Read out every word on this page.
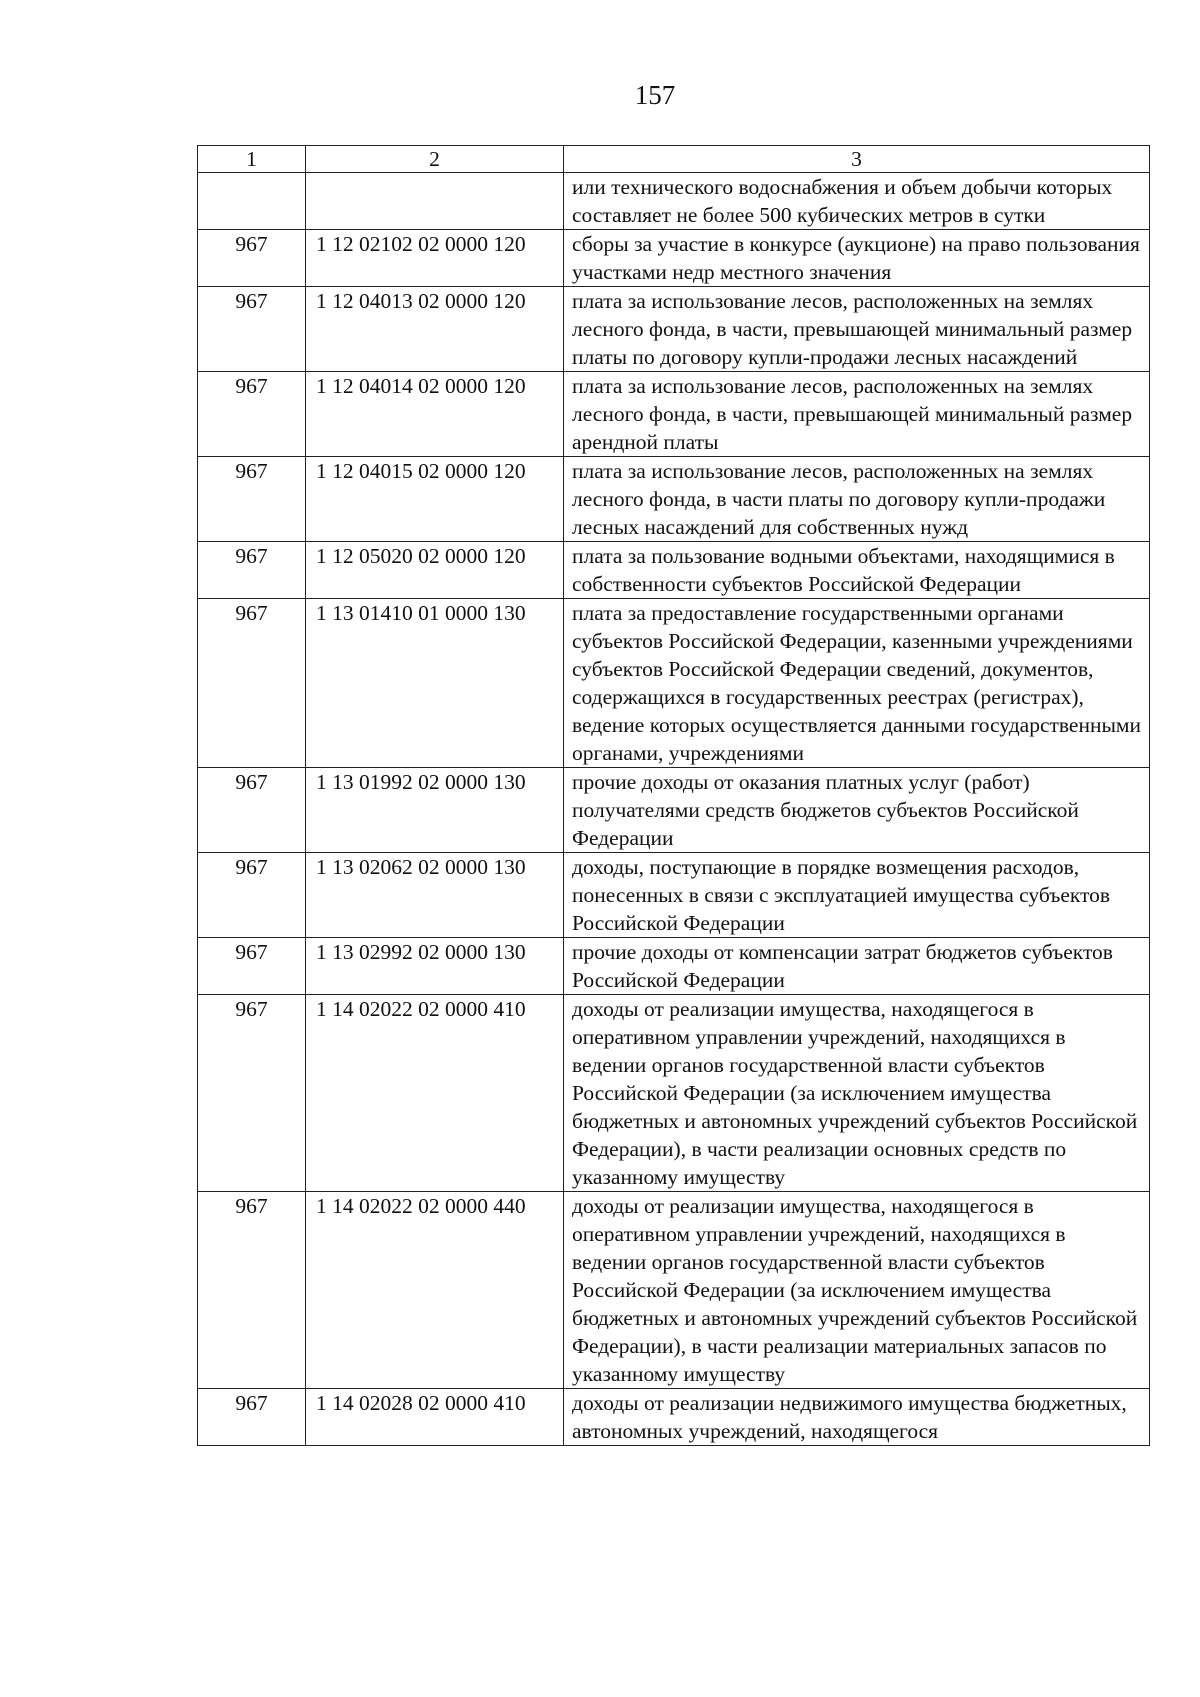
157
1	2	3
		или технического водоснабжения и объем добычи которых составляет не более 500 кубических метров в сутки
967	1 12 02102 02 0000 120	сборы за участие в конкурсе (аукционе) на право пользования участками недр местного значения
967	1 12 04013 02 0000 120	плата за использование лесов, расположенных на землях лесного фонда, в части, превышающей минимальный размер платы по договору купли-продажи лесных насаждений
967	1 12 04014 02 0000 120	плата за использование лесов, расположенных на землях лесного фонда, в части, превышающей минимальный размер арендной платы
967	1 12 04015 02 0000 120	плата за использование лесов, расположенных на землях лесного фонда, в части платы по договору купли-продажи лесных насаждений для собственных нужд
967	1 12 05020 02 0000 120	плата за пользование водными объектами, находящимися в собственности субъектов Российской Федерации
967	1 13 01410 01 0000 130	плата за предоставление государственными органами субъектов Российской Федерации, казенными учреждениями субъектов Российской Федерации сведений, документов, содержащихся в государственных реестрах (регистрах), ведение которых осуществляется данными государственными органами, учреждениями
967	1 13 01992 02 0000 130	прочие доходы от оказания платных услуг (работ) получателями средств бюджетов субъектов Российской Федерации
967	1 13 02062 02 0000 130	доходы, поступающие в порядке возмещения расходов, понесенных в связи с эксплуатацией имущества субъектов Российской Федерации
967	1 13 02992 02 0000 130	прочие доходы от компенсации затрат бюджетов субъектов Российской Федерации
967	1 14 02022 02 0000 410	доходы от реализации имущества, находящегося в оперативном управлении учреждений, находящихся в ведении органов государственной власти субъектов Российской Федерации (за исключением имущества бюджетных и автономных учреждений субъектов Российской Федерации), в части реализации основных средств по указанному имуществу
967	1 14 02022 02 0000 440	доходы от реализации имущества, находящегося в оперативном управлении учреждений, находящихся в ведении органов государственной власти субъектов Российской Федерации (за исключением имущества бюджетных и автономных учреждений субъектов Российской Федерации), в части реализации материальных запасов по указанному имуществу
967	1 14 02028 02 0000 410	доходы от реализации недвижимого имущества бюджетных, автономных учреждений, находящегося
